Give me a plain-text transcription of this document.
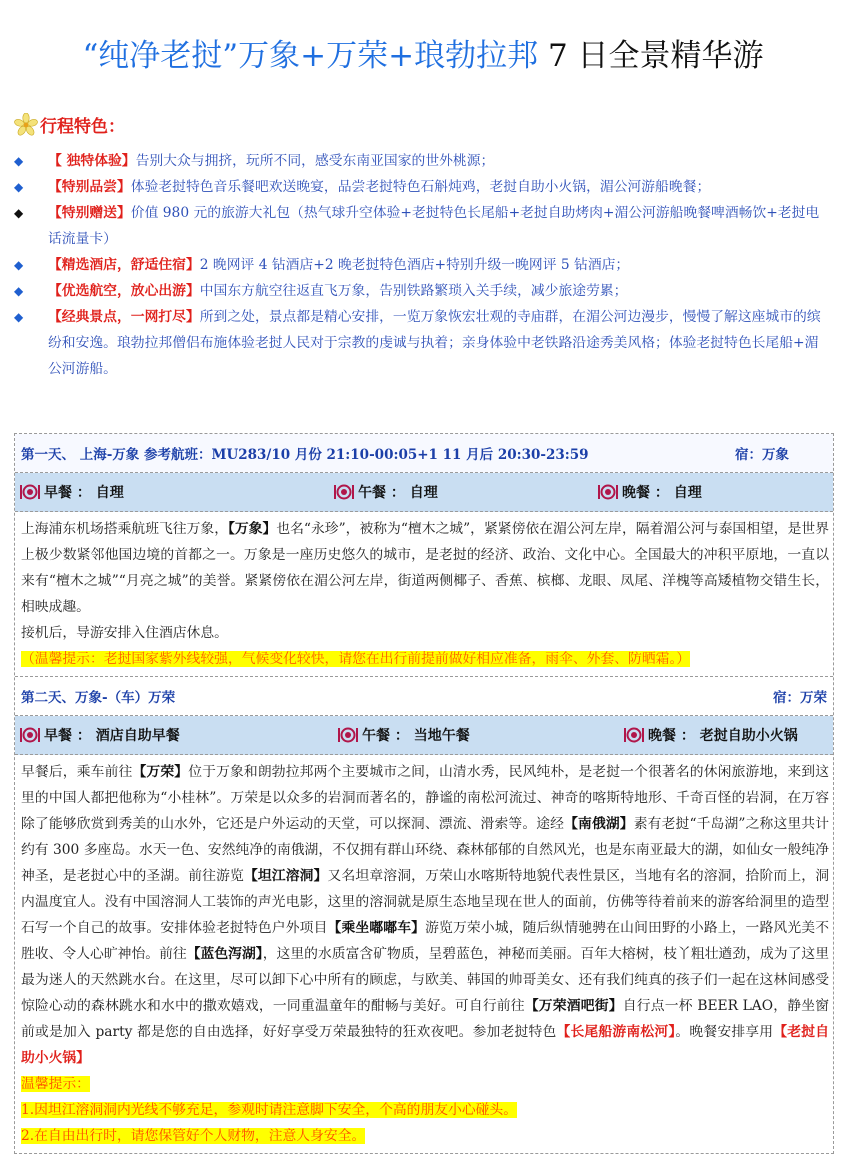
“纯净老挝”万象+万荣+琅勃拉邦 7 日全景精华游
行程特色：
◆	【 独特体验】告别大众与拥挤，玩所不同，感受东南亚国家的世外桃源；
◆	【特别品尝】体验老挝特色音乐餐吧欢送晚宴，品尝老挝特色石斛炖鸡，老挝自助小火锅，湄公河游船晚餐；
◆	【特别赠送】价值 980 元的旅游大礼包（热气球升空体验+老挝特色长尾船+老挝自助烤肉+湄公河游船晚餐啤酒畅饮+老挝电话流量卡）
◆	【精选酒店，舒适住宿】2 晚网评 4 钻酒店+2 晚老挝特色酒店+特别升级一晚网评 5 钻酒店；
◆	【优选航空，放心出游】中国东方航空往返直飞万象，告别铁路繁琐入关手续，减少旅途劳累；
◆	【经典景点，一网打尽】所到之处，景点都是精心安排，一览万象恢宏壮观的寺庙群，在湄公河边漫步，慢慢了解这座城市的缤纷和安逸。琅勃拉邦僧侣布施体验老挝人民对于宗教的虔诚与执着；亲身体验中老铁路沿途秀美风格；体验老挝特色长尾船+湄公河游船。
第一天、 上海-万象 参考航班：MU283/10 月份 21:10-00:05+1 11 月后 20:30-23:59	宿：万象
早餐 ： 自理	午餐 ： 自理	晚餐 ： 自理
上海浦东机场搭乘航班飞往万象，【万象】也名“永珍”，被称为“檀木之城”，紧紧傍依在湄公河左岸，隔着湄公河与泰国相望，是世界上极少数紧邻他国边境的首都之一。万象是一座历史悠久的城市，是老挝的经济、政治、文化中心。全国最大的冲积平原地，一直以来有“檀木之城”“月亮之城”的美誉。紧紧傍依在湄公河左岸，街道两侧椰子、香蕉、槟榔、龙眼、凤尾、洋槐等高矮植物交错生长，相映成趣。
接机后，导游安排入住酒店休息。
（温馨提示：老挝国家紫外线较强，气候变化较快，请您在出行前提前做好相应准备，雨伞、外套、防晒霜。）
第二天、万象-（车）万荣	宿：万荣
早餐 ： 酒店自助早餐	午餐 ： 当地午餐	晚餐 ： 老挝自助小火锅
早餐后，乘车前往【万荣】位于万象和朗勃拉邦两个主要城市之间，山清水秀，民风纯朴，是老挝一个很著名的休闲旅游地，来到这里的中国人都把他称为“小桂林”。万荣是以众多的岩洞而著名的，静谧的南松河流过、神奇的喀斯特地形、千奇百怪的岩洞，在万容除了能够欣赏到秀美的山水外，它还是户外运动的天堂，可以探洞、漂流、滑索等。途经【南俄湖】素有老挝“千岛湖”之称这里共计约有 300 多座岛。水天一色、安然纯净的南俄湖，不仅拥有群山环绕、森林郁郁的自然风光，也是东南亚最大的湖，如仙女一般纯净神圣，是老挝心中的圣湖。前往游览【坦江溶洞】又名坦章溶洞，万荣山水喀斯特地貌代表性景区，当地有名的溶洞，拾阶而上，洞内温度宜人。没有中国溶洞人工装饰的声光电影，这里的溶洞就是原生态地呈现在世人的面前，仿佛等待着前来的游客给洞里的造型石写一个自己的故事。安排体验老挝特色户外项目【乘坐嘟嘟车】游览万荣小城，随后纵情驰骋在山间田野的小路上，一路风光美不胜收、令人心旷神怡。前往【蓝色泻湖】，这里的水质富含矿物质，呈碧蓝色，神秘而美丽。百年大榕树，枝丫粗壮遒劲，成为了这里最为迷人的天然跳水台。在这里，尽可以卸下心中所有的顾虑，与欧美、韩国的帅哥美女、还有我们纯真的孩子们一起在这林间感受惊险心动的森林跳水和水中的撒欢嬉戏，一同重温童年的酣畅与美好。可自行前往【万荣酒吧街】自行点一杯 BEER LAO，静坐窗前或是加入 party 都是您的自由选择，好好享受万荣最独特的狂欢夜吧。参加老挝特色【长尾船游南松河】。晚餐安排享用【老挝自助小火锅】
温馨提示：
1.因坦江溶洞洞内光线不够充足，参观时请注意脚下安全，个高的朋友小心碰头。
2.在自由出行时，请您保管好个人财物，注意人身安全。
